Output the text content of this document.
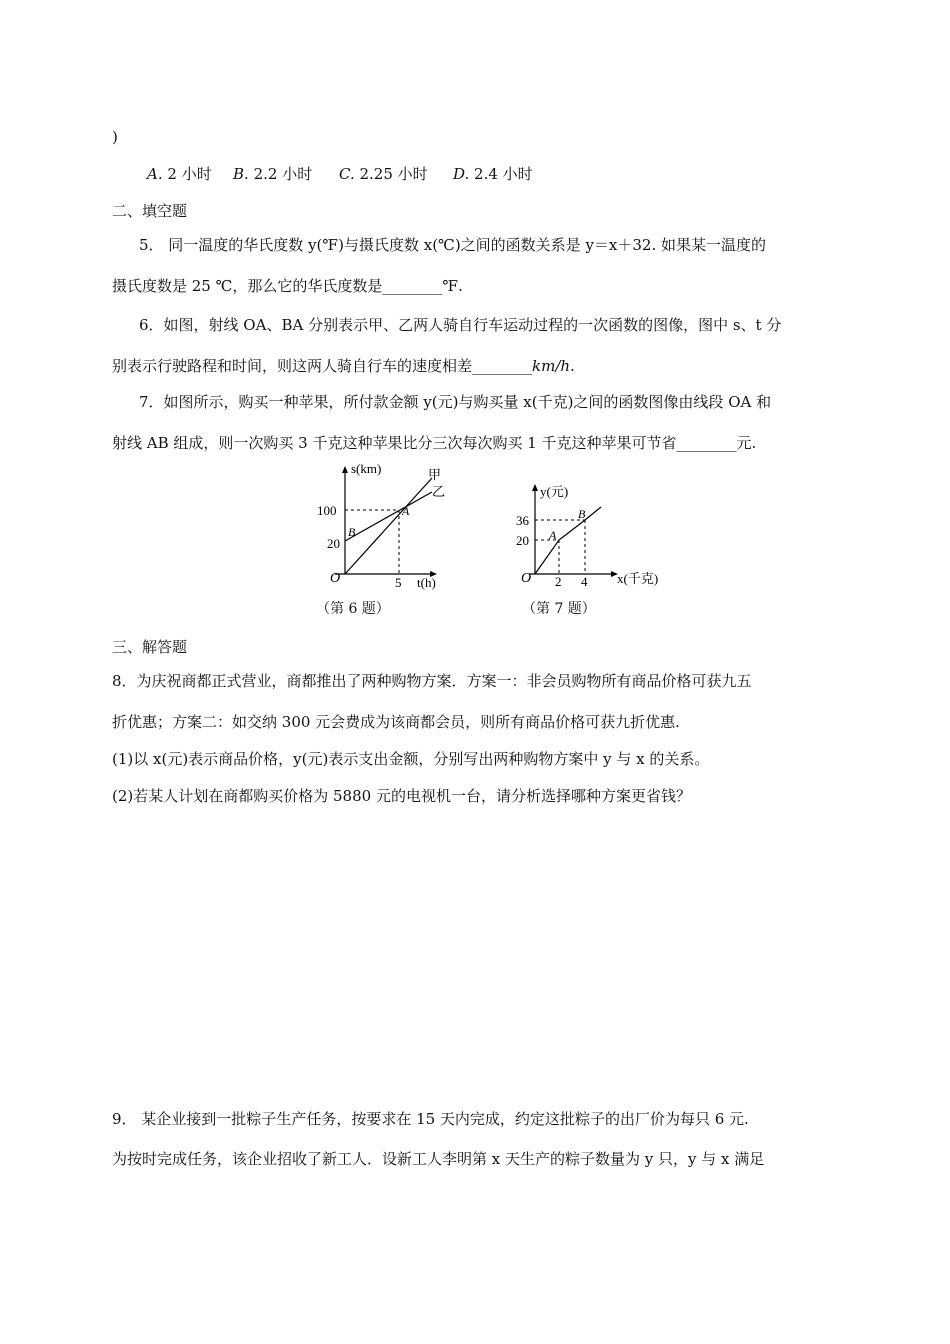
)
A. 2 小时 B. 2.2 小时 C. 2.25 小时 D. 2.4 小时
二、填空题
5． 同一温度的华氏度数 y(℉)与摄氏度数 x(℃)之间的函数关系是 y＝x＋32. 如果某一温度的
摄氏度数是 25 ℃，那么它的华氏度数是________℉.
6．如图，射线 OA、BA 分别表示甲、乙两人骑自行车运动过程的一次函数的图像，图中 s、t 分
别表示行驶路程和时间，则这两人骑自行车的速度相差________km/h.
7．如图所示，购买一种苹果，所付款金额 y(元)与购买量 x(千克)之间的函数图像由线段 OA 和
射线 AB 组成，则一次购买 3 千克这种苹果比分三次每次购买 1 千克这种苹果可节省________元.
s(km)
t(h)
O
100
20
5
A
B
甲
乙
（第 6 题）
y(元)
x(千克)
O
36
20
2 4
A
B
（第 7 题）
三、解答题
8．为庆祝商都正式营业，商都推出了两种购物方案．方案一：非会员购物所有商品价格可获九五
折优惠；方案二：如交纳 300 元会费成为该商都会员，则所有商品价格可获九折优惠.
(1)以 x(元)表示商品价格，y(元)表示支出金额，分别写出两种购物方案中 y 与 x 的关系。
(2)若某人计划在商都购买价格为 5880 元的电视机一台，请分析选择哪种方案更省钱？
9． 某企业接到一批粽子生产任务，按要求在 15 天内完成，约定这批粽子的出厂价为每只 6 元.
为按时完成任务，该企业招收了新工人．设新工人李明第 x 天生产的粽子数量为 y 只，y 与 x 满足
